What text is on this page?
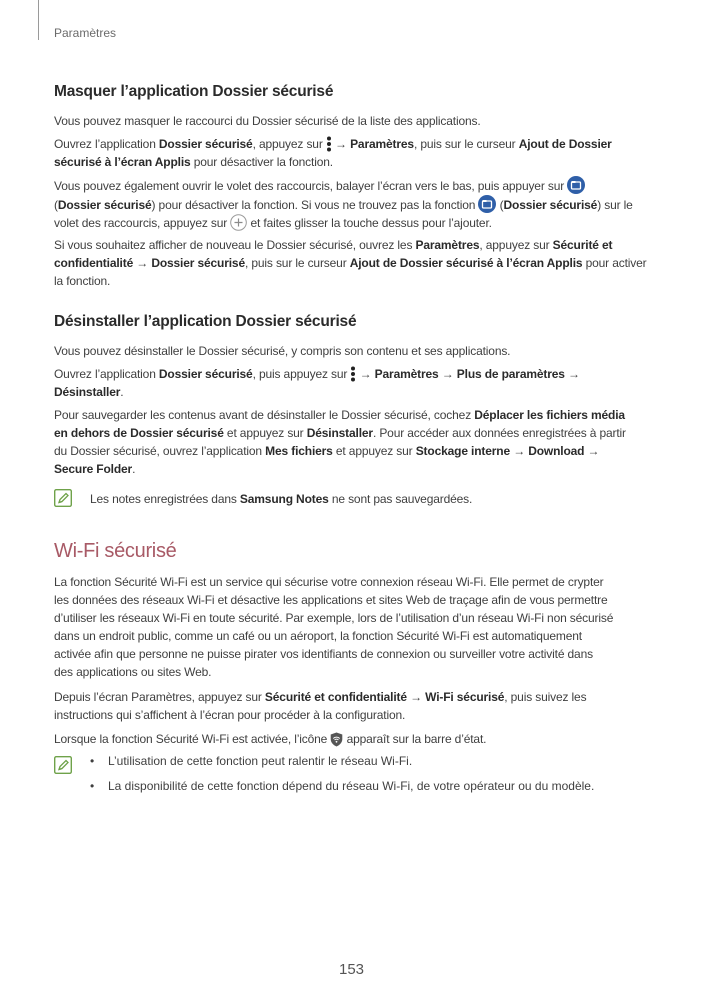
Paramètres
Masquer l’application Dossier sécurisé

Vous pouvez masquer le raccourci du Dossier sécurisé de la liste des applications.

Ouvrez l’application Dossier sécurisé, appuyez sur  → Paramètres, puis sur le curseur Ajout de Dossier
sécurisé à l’écran Applis pour désactiver la fonction.

Vous pouvez également ouvrir le volet des raccourcis, balayer l’écran vers le bas, puis appuyer sur
(Dossier sécurisé) pour désactiver la fonction. Si vous ne trouvez pas la fonction  (Dossier sécurisé) sur le
volet des raccourcis, appuyez sur  et faites glisser la touche dessus pour l’ajouter.

Si vous souhaitez afficher de nouveau le Dossier sécurisé, ouvrez les Paramètres, appuyez sur Sécurité et
confidentialité → Dossier sécurisé, puis sur le curseur Ajout de Dossier sécurisé à l’écran Applis pour activer
la fonction.

Désinstaller l’application Dossier sécurisé

Vous pouvez désinstaller le Dossier sécurisé, y compris son contenu et ses applications.

Ouvrez l’application Dossier sécurisé, puis appuyez sur  → Paramètres → Plus de paramètres →
Désinstaller.

Pour sauvegarder les contenus avant de désinstaller le Dossier sécurisé, cochez Déplacer les fichiers média
en dehors de Dossier sécurisé et appuyez sur Désinstaller. Pour accéder aux données enregistrées à partir
du Dossier sécurisé, ouvrez l’application Mes fichiers et appuyez sur Stockage interne → Download →
Secure Folder.

Les notes enregistrées dans Samsung Notes ne sont pas sauvegardées.

Wi-Fi sécurisé

La fonction Sécurité Wi-Fi est un service qui sécurise votre connexion réseau Wi-Fi. Elle permet de crypter
les données des réseaux Wi-Fi et désactive les applications et sites Web de traçage afin de vous permettre
d’utiliser les réseaux Wi-Fi en toute sécurité. Par exemple, lors de l’utilisation d’un réseau Wi-Fi non sécurisé
dans un endroit public, comme un café ou un aéroport, la fonction Sécurité Wi-Fi est automatiquement
activée afin que personne ne puisse pirater vos identifiants de connexion ou surveiller votre activité dans
des applications ou sites Web.

Depuis l’écran Paramètres, appuyez sur Sécurité et confidentialité → Wi-Fi sécurisé, puis suivez les
instructions qui s’affichent à l’écran pour procéder à la configuration.

Lorsque la fonction Sécurité Wi-Fi est activée, l’icône  apparaît sur la barre d’état.

• L’utilisation de cette fonction peut ralentir le réseau Wi-Fi.
• La disponibilité de cette fonction dépend du réseau Wi-Fi, de votre opérateur ou du modèle.
153
